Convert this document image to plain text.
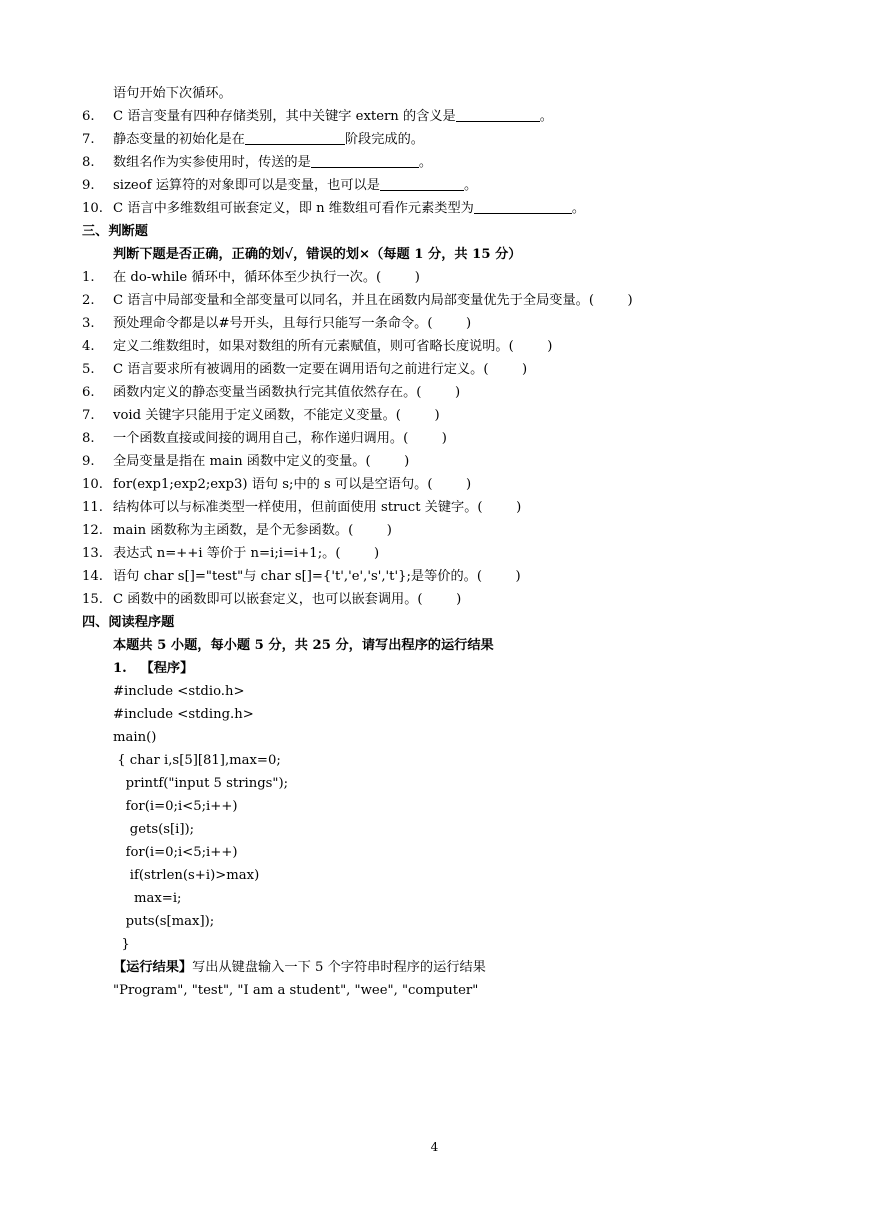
语句开始下次循环。
6. C 语言变量有四种存储类别，其中关键字 extern 的含义是	。
7. 静态变量的初始化是在	阶段完成的。
8. 数组名作为实参使用时，传送的是	。
9. sizeof 运算符的对象即可以是变量，也可以是	。
10. C 语言中多维数组可嵌套定义，即 n 维数组可看作元素类型为	。
三、判断题
判断下题是否正确，正确的划√，错误的划×（每题 1 分，共 15 分）
1. 在 do-while 循环中，循环体至少执行一次。(        )
2. C 语言中局部变量和全部变量可以同名，并且在函数内局部变量优先于全局变量。(        )
3. 预处理命令都是以#号开头，且每行只能写一条命令。(        )
4. 定义二维数组时，如果对数组的所有元素赋值，则可省略长度说明。(        )
5. C 语言要求所有被调用的函数一定要在调用语句之前进行定义。(        )
6. 函数内定义的静态变量当函数执行完其值依然存在。(        )
7. void 关键字只能用于定义函数，不能定义变量。(        )
8. 一个函数直接或间接的调用自己，称作递归调用。(        )
9. 全局变量是指在 main 函数中定义的变量。(        )
10. for(exp1;exp2;exp3) 语句 s;中的 s 可以是空语句。(        )
11. 结构体可以与标准类型一样使用，但前面使用 struct 关键字。(        )
12. main 函数称为主函数，是个无参函数。(        )
13. 表达式 n=++i 等价于 n=i;i=i+1;。(        )
14. 语句 char s[]="test"与 char s[]={'t','e','s','t'};是等价的。(        )
15. C 函数中的函数即可以嵌套定义，也可以嵌套调用。(        )
四、阅读程序题
本题共 5 小题，每小题 5 分，共 25 分，请写出程序的运行结果
1.   【程序】
#include <stdio.h>
#include <stding.h>
main()
{ char i,s[5][81],max=0;
printf("input 5 strings");
for(i=0;i<5;i++)
gets(s[i]);
for(i=0;i<5;i++)
if(strlen(s+i)>max)
max=i;
puts(s[max]);
}
【运行结果】写出从键盘输入一下 5 个字符串时程序的运行结果
"Program", "test", "I am a student", "wee", "computer"
4
